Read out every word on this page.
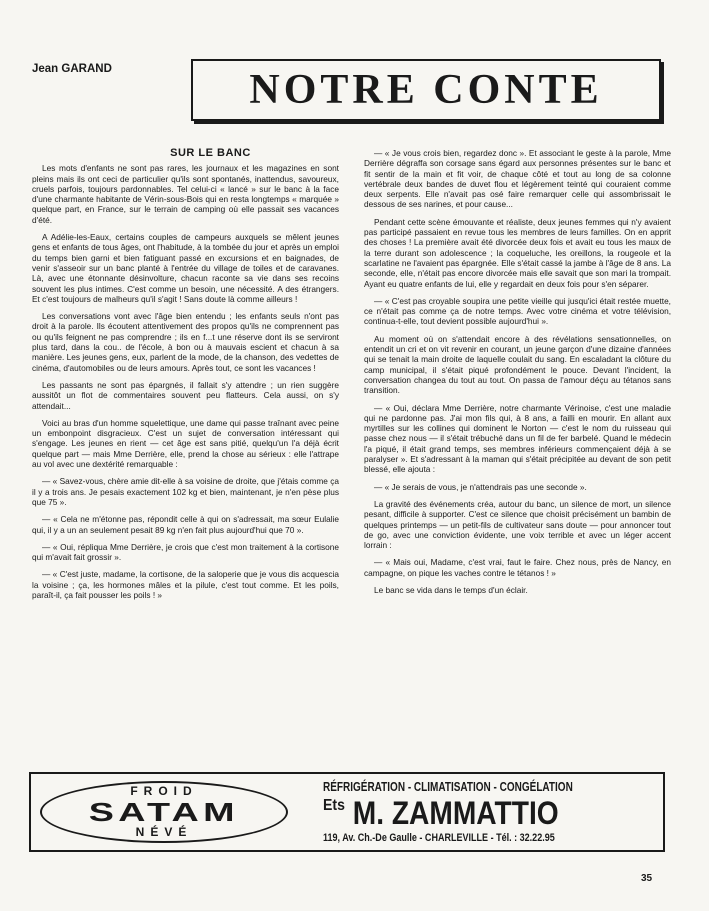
Jean GARAND	NOTRE CONTE
SUR LE BANC

Les mots d'enfants ne sont pas rares, les journaux et les magazines en sont pleins mais ils ont ceci de particulier qu'ils sont spontanés, inattendus, savoureux, cruels parfois, toujours pardonnables. Tel celui-ci « lancé » sur le banc à la face d'une charmante habitante de Vérin-sous-Bois qui en resta longtemps « marquée » quelque part, en France, sur le terrain de camping où elle passait ses vacances d'été.

A Adélie-les-Eaux, certains couples de campeurs auxquels se mêlent jeunes gens et enfants de tous âges, ont l'habitude, à la tombée du jour et après un emploi du temps bien garni et bien fatiguant passé en excursions et en baignades, de venir s'asseoir sur un banc planté à l'entrée du village de toiles et de caravanes. Là, avec une étonnante désinvolture, chacun raconte sa vie dans ses recoins souvent les plus intimes. C'est comme un besoin, une nécessité. A des étrangers. Et c'est toujours de malheurs qu'il s'agit ! Sans doute là comme ailleurs !

Les conversations vont avec l'âge bien entendu ; les enfants seuls n'ont pas droit à la parole. Ils écoutent attentivement des propos qu'ils ne comprennent pas ou qu'ils feignent ne pas comprendre ; ils en f...t une réserve dont ils se serviront plus tard, dans la cou.. de l'école, à bon ou à mauvais escient et chacun à sa manière. Les jeunes gens, eux, parlent de la mode, de la chanson, des vedettes de cinéma, d'automobiles ou de leurs amours. Après tout, ce sont les vacances !

Les passants ne sont pas épargnés, il fallait s'y attendre ; un rien suggère aussitôt un flot de commentaires souvent peu flatteurs. Cela aussi, on s'y attendait...

Voici au bras d'un homme squelettique, une dame qui passe traînant avec peine un embonpoint disgracieux. C'est un sujet de conversation intéressant qui s'engage. Les jeunes en rient — cet âge est sans pitié, quelqu'un l'a déjà écrit quelque part — mais Mme Derrière, elle, prend la chose au sérieux : elle l'attrape au vol avec une dextérité remarquable :

— « Savez-vous, chère amie dit-elle à sa voisine de droite, que j'étais comme ça il y a trois ans. Je pesais exactement 102 kg et bien, maintenant, je n'en pèse plus que 75 ».

— « Cela ne m'étonne pas, répondit celle à qui on s'adressait, ma sœur Eulalie qui, il y a un an seulement pesait 89 kg n'en fait plus aujourd'hui que 70 ».

— « Oui, répliqua Mme Derrière, je crois que c'est mon traitement à la cortisone qui m'avait fait grossir ».

— « C'est juste, madame, la cortisone, de la saloperie que je vous dis acquescia la voisine ; ça, les hormones mâles et la pilule, c'est tout comme. Et les poils, paraît-il, ça fait pousser les poils ! »

— « Je vous crois bien, regardez donc ». Et associant le geste à la parole, Mme Derrière dégraffa son corsage sans égard aux personnes présentes sur le banc et fit sentir de la main et fit voir, de chaque côté et tout au long de sa colonne vertébrale deux bandes de duvet flou et légèrement teinté qui couraient comme deux serpents. Elle n'avait pas osé faire remarquer celle qui assombrissait le dessous de ses narines, et pour cause...

Pendant cette scène émouvante et réaliste, deux jeunes femmes qui n'y avaient pas participé passaient en revue tous les membres de leurs familles. On en apprit des choses ! La première avait été divorcée deux fois et avait eu tous les maux de la terre durant son adolescence ; la coqueluche, les oreillons, la rougeole et la scarlatine ne l'avaient pas épargnée. Elle s'était cassé la jambe à l'âge de 8 ans. La seconde, elle, n'était pas encore divorcée mais elle savait que son mari la trompait. Ayant eu quatre enfants de lui, elle y regardait en deux fois pour s'en séparer.

— « C'est pas croyable soupira une petite vieille qui jusqu'ici était restée muette, ce n'était pas comme ça de notre temps. Avec votre cinéma et votre télévision, continua-t-elle, tout devient possible aujourd'hui ».

Au moment où on s'attendait encore à des révélations sensationnelles, on entendit un cri et on vit revenir en courant, un jeune garçon d'une dizaine d'années qui se tenait la main droite de laquelle coulait du sang. En escaladant la clôture du camp municipal, il s'était piqué profondément le pouce. Devant l'incident, la conversation changea du tout au tout. On passa de l'amour déçu au tétanos sans transition.

— « Oui, déclara Mme Derrière, notre charmante Vérinoise, c'est une maladie qui ne pardonne pas. J'ai mon fils qui, à 8 ans, a failli en mourir. En allant aux myrtilles sur les collines qui dominent le Norton — c'est le nom du ruisseau qui passe chez nous — il s'était trébuché dans un fil de fer barbelé. Quand le médecin l'a piqué, il était grand temps, ses membres inférieurs commençaient déjà à se paralyser ». Et s'adressant à la maman qui s'était précipitée au devant de son petit blessé, elle ajouta :

— « Je serais de vous, je n'attendrais pas une seconde ».

La gravité des événements créa, autour du banc, un silence de mort, un silence pesant, difficile à supporter. C'est ce silence que choisit précisément un bambin de quelques printemps — un petit-fils de cultivateur sans doute — pour annoncer tout de go, avec une conviction évidente, une voix terrible et avec un léger accent lorrain :

— « Mais oui, Madame, c'est vrai, faut le faire. Chez nous, près de Nancy, en campagne, on pique les vaches contre le tétanos ! »

Le banc se vida dans le temps d'un éclair.

FROID
SATAM
NÉVÉ
RÉFRIGÉRATION - CLIMATISATION - CONGÉLATION
$^{Ets}$ M. ZAMMATTIO
119, Av. Ch.-De Gaulle - CHARLEVILLE - Tél. : 32.22.95
35
